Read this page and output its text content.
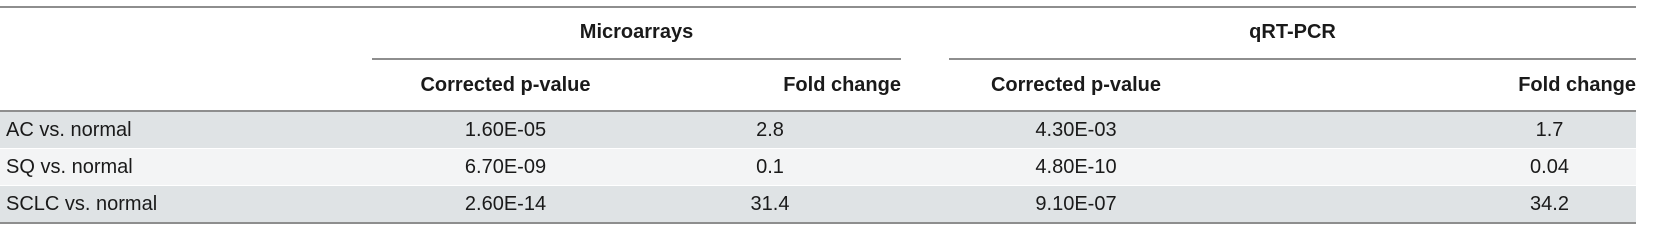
	Microarrays			qRT-PCR	

	Corrected p-value	Fold change		Corrected p-value	Fold change
AC vs. normal	1.60E-05	2.8		4.30E-03	1.7
SQ vs. normal	6.70E-09	0.1		4.80E-10	0.04
SCLC vs. normal	2.60E-14	31.4		9.10E-07	34.2
